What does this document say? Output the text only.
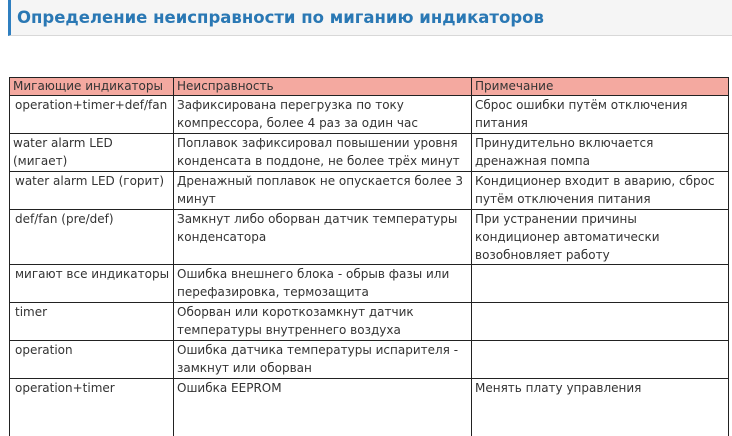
Определение неисправности по миганию индикаторов
Мигающие индикаторы	Неисправность	Примечание
operation+timer+def/fan	Зафиксирована перегрузка по току компрессора, более 4 раз за один час	Сброс ошибки путём отключения питания
water alarm LED (мигает)	Поплавок зафиксировал повышении уровня конденсата в поддоне, не более трёх минут	Принудительно включается дренажная помпа
water alarm LED (горит)	Дренажный поплавок не опускается более 3 минут	Кондиционер входит в аварию, сброс путём отключения питания
def/fan (pre/def)	Замкнут либо оборван датчик температуры конденсатора	При устранении причины кондиционер автоматически возобновляет работу
мигают все индикаторы	Ошибка внешнего блока - обрыв фазы или перефазировка, термозащита	
timer	Оборван или короткозамкнут датчик температуры внутреннего воздуха	
operation	Ошибка датчика температуры испарителя - замкнут или оборван	
operation+timer	Ошибка EEPROM	Менять плату управления
